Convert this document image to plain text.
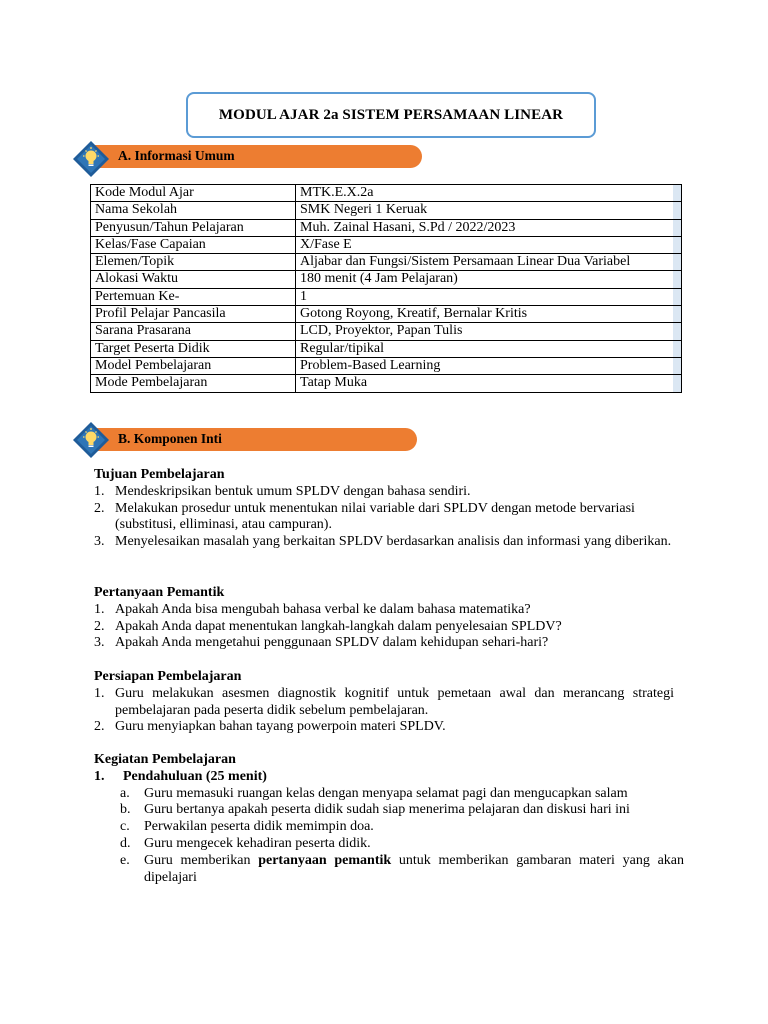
MODUL AJAR 2a SISTEM PERSAMAAN LINEAR
A. Informasi Umum
Kode Modul Ajar	MTK.E.X.2a

Nama Sekolah	SMK Negeri 1 Keruak

Penyusun/Tahun Pelajaran	Muh. Zainal Hasani, S.Pd / 2022/2023

Kelas/Fase Capaian	X/Fase E

Elemen/Topik	Aljabar dan Fungsi/Sistem Persamaan Linear Dua Variabel

Alokasi Waktu	180 menit (4 Jam Pelajaran)

Pertemuan Ke-	1

Profil Pelajar Pancasila	Gotong Royong, Kreatif, Bernalar Kritis

Sarana Prasarana	LCD, Proyektor, Papan Tulis

Target Peserta Didik	Regular/tipikal

Model Pembelajaran	Problem-Based Learning

Mode Pembelajaran	Tatap Muka
B. Komponen Inti

Tujuan Pembelajaran

1. Mendeskripsikan bentuk umum SPLDV dengan bahasa sendiri.
2. Melakukan prosedur untuk menentukan nilai variable dari SPLDV dengan metode bervariasi (substitusi, elliminasi, atau campuran).
3. Menyelesaikan masalah yang berkaitan SPLDV berdasarkan analisis dan informasi yang diberikan.

Pertanyaan Pemantik

1. Apakah Anda bisa mengubah bahasa verbal ke dalam bahasa matematika?
2. Apakah Anda dapat menentukan langkah-langkah dalam penyelesaian SPLDV?
3. Apakah Anda mengetahui penggunaan SPLDV dalam kehidupan sehari-hari?

Persiapan Pembelajaran

1. Guru melakukan asesmen diagnostik kognitif untuk pemetaan awal dan merancang strategi pembelajaran pada peserta didik sebelum pembelajaran.
2. Guru menyiapkan bahan tayang powerpoin materi SPLDV.

Kegiatan Pembelajaran

1.	Pendahuluan (25 menit)
a.	Guru memasuki ruangan kelas dengan menyapa selamat pagi dan mengucapkan salam
b. Guru bertanya apakah peserta didik sudah siap menerima pelajaran dan diskusi hari ini
c.	Perwakilan peserta didik memimpin doa.
d. Guru mengecek kehadiran peserta didik.
e.	Guru memberikan pertanyaan pemantik untuk memberikan gambaran materi yang akan dipelajari
